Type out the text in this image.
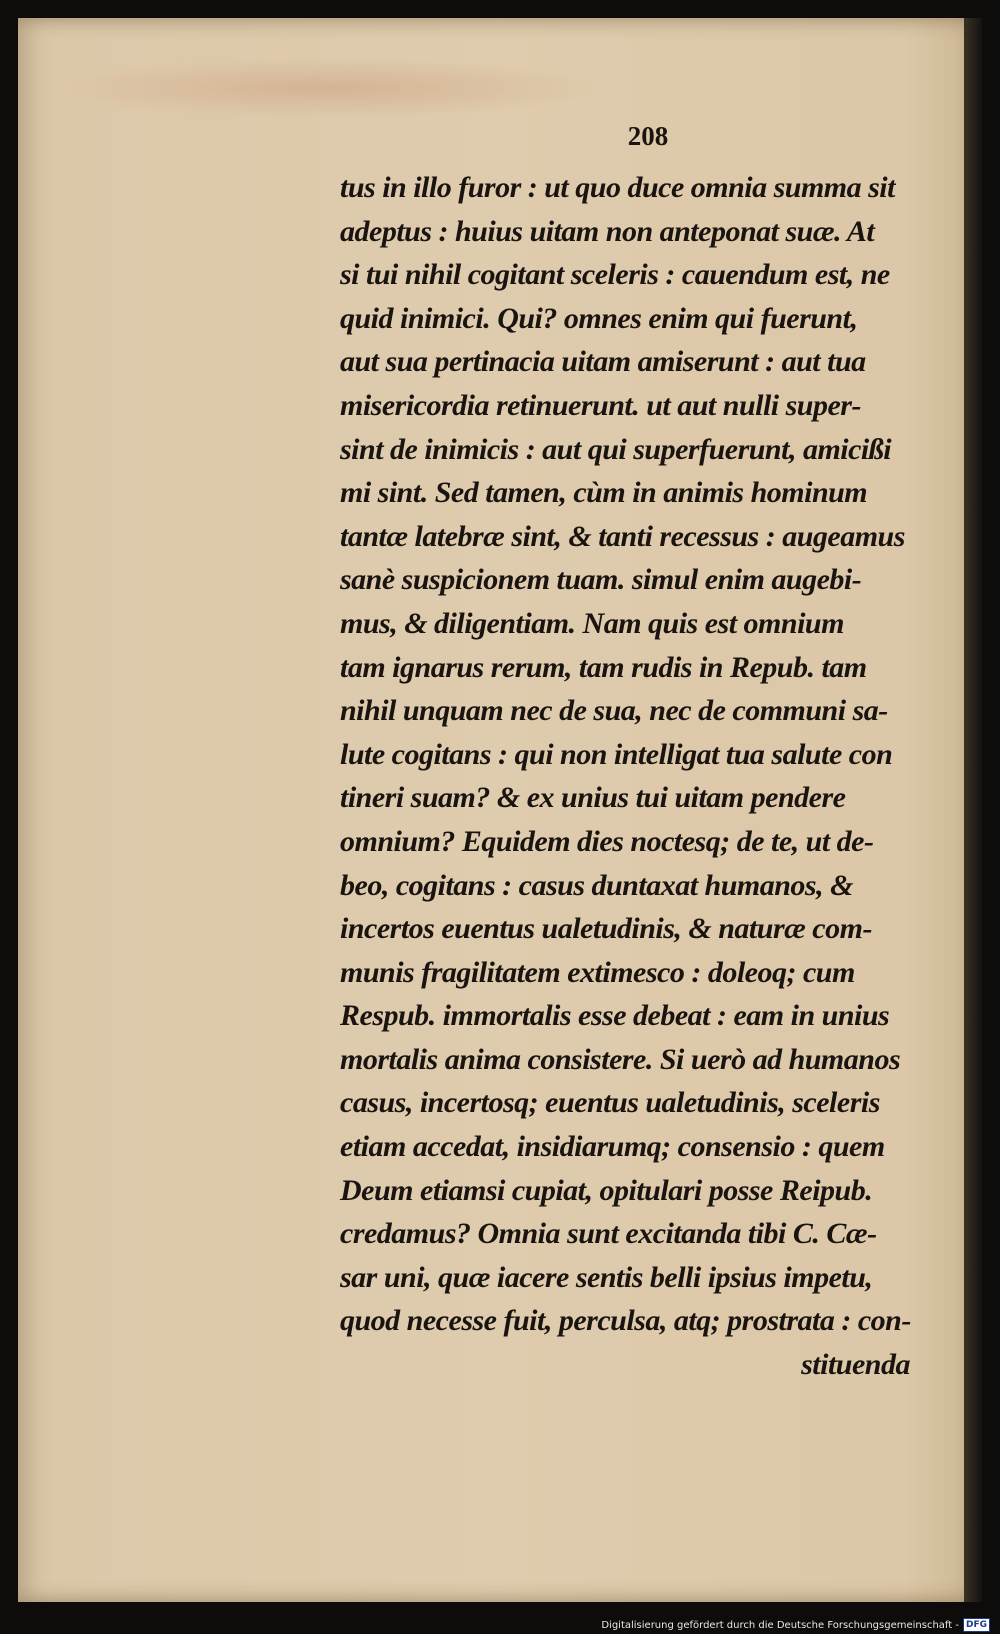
208
tus in illo furor : ut quo duce omnia summa sit
adeptus : huius uitam non anteponat suæ. At
si tui nihil cogitant sceleris : cauendum est, ne
quid inimici. Qui? omnes enim qui fuerunt,
aut sua pertinacia uitam amiserunt : aut tua
misericordia retinuerunt. ut aut nulli super-
sint de inimicis : aut qui superfuerunt, amicißi
mi sint. Sed tamen, cùm in animis hominum
tantæ latebræ sint, & tanti recessus : augeamus
sanè suspicionem tuam. simul enim augebi-
mus, & diligentiam. Nam quis est omnium
tam ignarus rerum, tam rudis in Repub. tam
nihil unquam nec de sua, nec de communi sa-
lute cogitans : qui non intelligat tua salute con
tineri suam? & ex unius tui uitam pendere
omnium? Equidem dies noctesq; de te, ut de-
beo, cogitans : casus duntaxat humanos, &
incertos euentus ualetudinis, & naturæ com-
munis fragilitatem extimesco : doleoq; cum
Respub. immortalis esse debeat : eam in unius
mortalis anima consistere. Si uerò ad humanos
casus, incertosq; euentus ualetudinis, sceleris
etiam accedat, insidiarumq; consensio : quem
Deum etiamsi cupiat, opitulari posse Reipub.
credamus? Omnia sunt excitanda tibi C. Cæ-
sar uni, quæ iacere sentis belli ipsius impetu,
quod necesse fuit, perculsa, atq; prostrata : con-
stituenda
Digitalisierung gefördert durch die Deutsche Forschungsgemeinschaft - DFG
